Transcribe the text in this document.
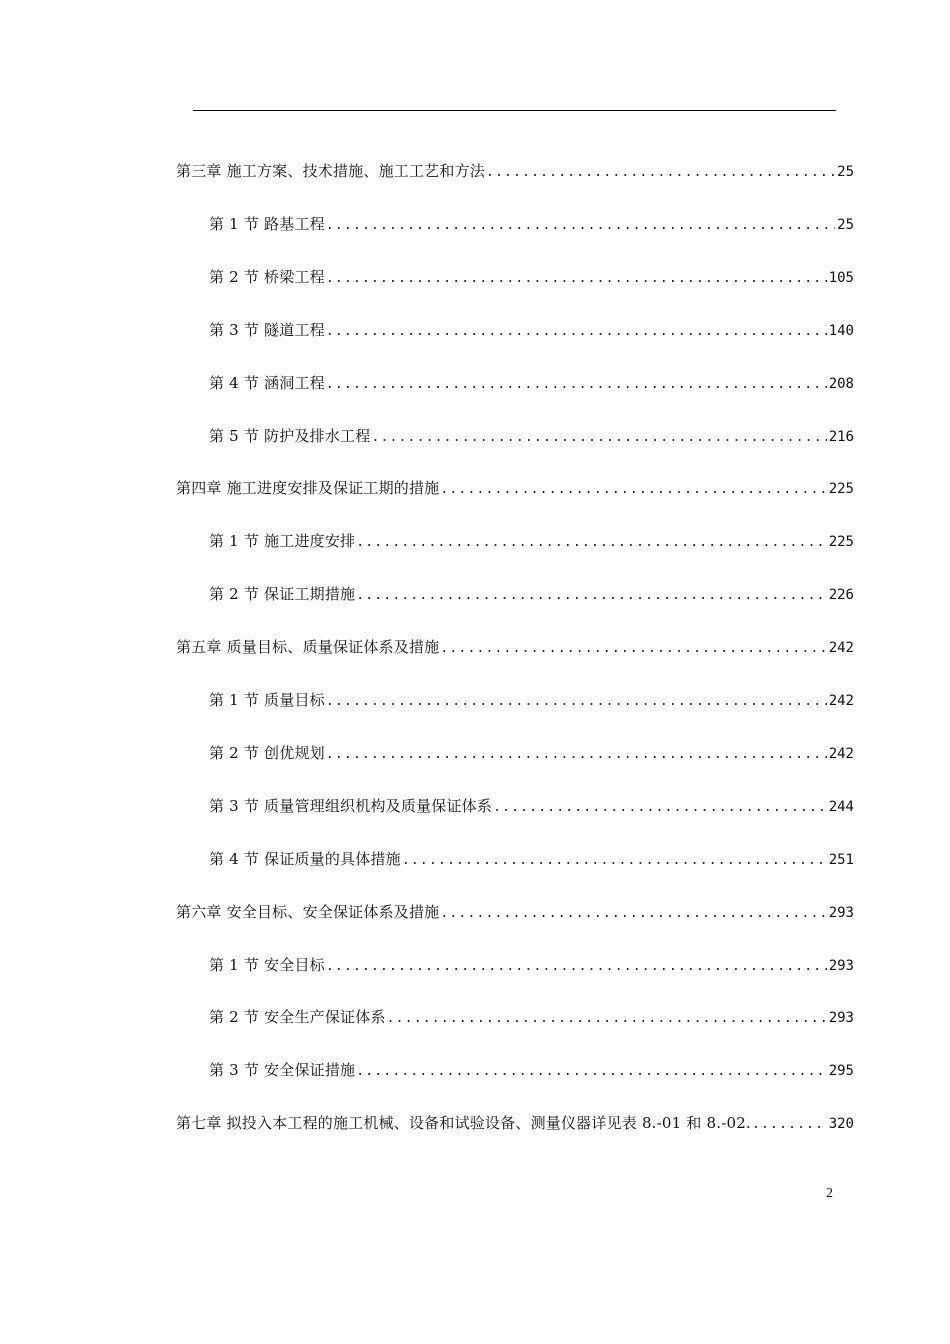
第三章 施工方案、技术措施、施工工艺和方法 .....	25
第 1 节 路基工程 .....	25
第 2 节 桥梁工程 .....	105
第 3 节 隧道工程 .....	140
第 4 节 涵洞工程 .....	208
第 5 节 防护及排水工程 .....	216
第四章 施工进度安排及保证工期的措施 .....	225
第 1 节 施工进度安排 .....	225
第 2 节 保证工期措施 .....	226
第五章 质量目标、质量保证体系及措施 .....	242
第 1 节 质量目标 .....	242
第 2 节 创优规划 .....	242
第 3 节 质量管理组织机构及质量保证体系 .....	244
第 4 节 保证质量的具体措施 .....	251
第六章 安全目标、安全保证体系及措施 .....	293
第 1 节 安全目标 .....	293
第 2 节 安全生产保证体系 .....	293
第 3 节 安全保证措施 .....	295
第七章 拟投入本工程的施工机械、设备和试验设备、测量仪器详见表 8.-01 和 8.-02. .....	320
2
